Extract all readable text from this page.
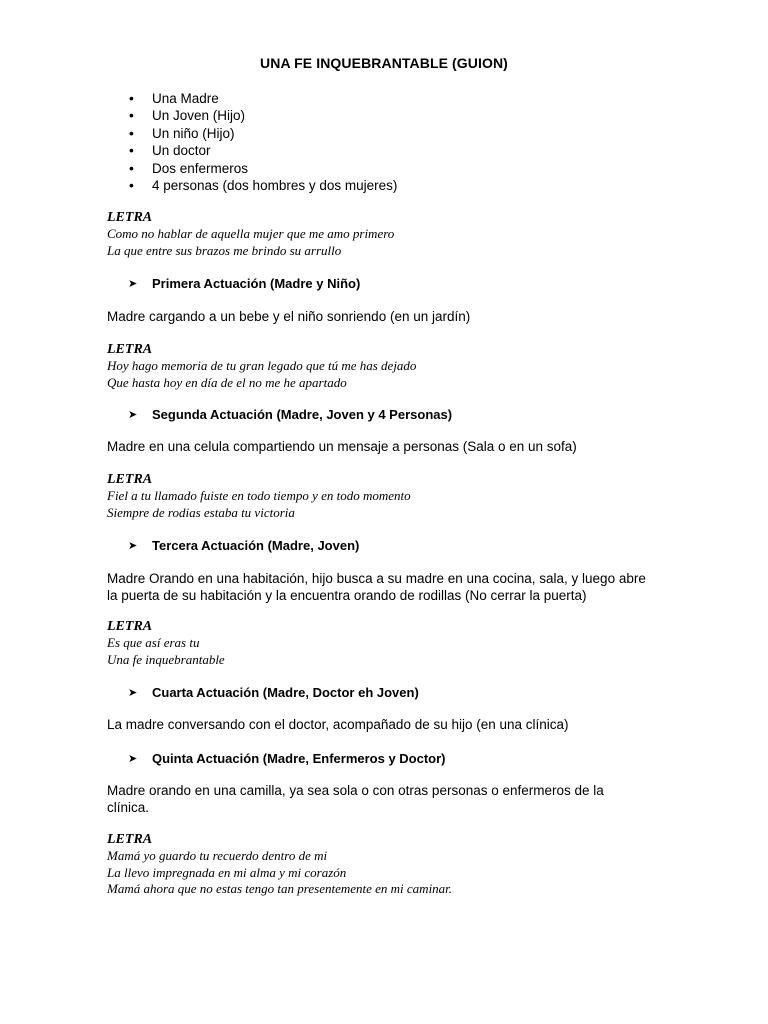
UNA FE INQUEBRANTABLE (GUION)
• Una Madre
• Un Joven (Hijo)
• Un niño (Hijo)
• Un doctor
• Dos enfermeros
• 4 personas (dos hombres y dos mujeres)
LETRA
Como no hablar de aquella mujer que me amo primero
La que entre sus brazos me brindo su arrullo
➤	Primera Actuación (Madre y Niño)
Madre cargando a un bebe y el niño sonriendo (en un jardín)
LETRA
Hoy hago memoria de tu gran legado que tú me has dejado
Que hasta hoy en día de el no me he apartado
➤	Segunda Actuación (Madre, Joven y 4 Personas)
Madre en una celula compartiendo un mensaje a personas (Sala o en un sofa)
LETRA
Fiel a tu llamado fuiste en todo tiempo y en todo momento
Siempre de rodias estaba tu victoria
➤	Tercera Actuación (Madre, Joven)
Madre Orando en una habitación, hijo busca a su madre en una cocina, sala, y luego abre
la puerta de su habitación y la encuentra orando de rodillas (No cerrar la puerta)
LETRA
Es que así eras tu
Una fe inquebrantable
➤	Cuarta Actuación (Madre, Doctor eh Joven)
La madre conversando con el doctor, acompañado de su hijo (en una clínica)
➤	Quinta Actuación (Madre, Enfermeros y Doctor)
Madre orando en una camilla, ya sea sola o con otras personas o enfermeros de la
clínica.
LETRA
Mamá yo guardo tu recuerdo dentro de mi
La llevo impregnada en mi alma y mi corazón
Mamá ahora que no estas tengo tan presentemente en mi caminar.
